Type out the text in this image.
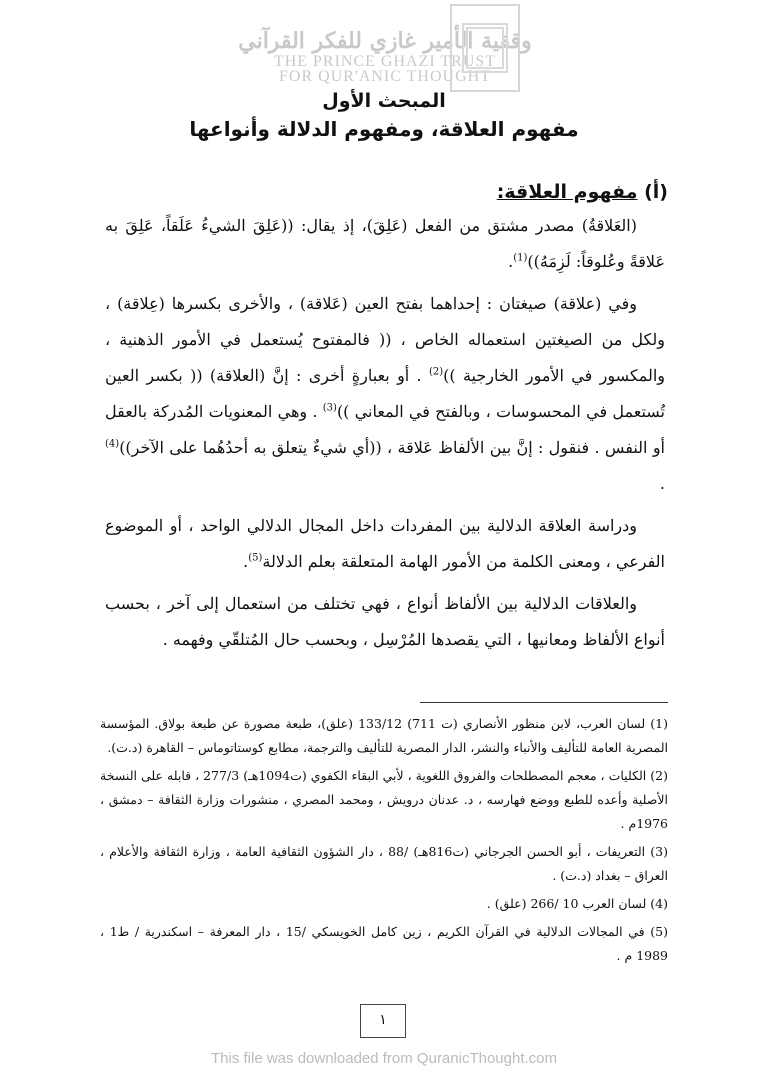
وقفية الأمير غازي للفكر القرآني
THE PRINCE GHAZI TRUST
FOR QUR'ANIC THOUGHT
المبحث الأول
مفهوم العلاقة، ومفهوم الدلالة وأنواعها
(أ) مفهوم العلاقة:

(العَلاقةُ) مصدر مشتق من الفعل (عَلِقَ)، إذ يقال: ((عَلِقَ الشيءُ عَلَقاً، عَلِقَ به عَلاقةً وعُلوقاً: لَزِمَهُ))$^{(1)}$.

وفي (علاقة) صيغتان : إحداهما بفتح العين (عَلاقة) ، والأخرى بكسرها (عِلاقة) ، ولكل من الصيغتين استعماله الخاص ، (( فالمفتوح يُستعمل في الأمور الذهنية ، والمكسور في الأمور الخارجية ))$^{(2)}$ . أو بعبارةٍ أخرى : إنَّ (العلاقة) (( بكسر العين تُستعمل في المحسوسات ، وبالفتح في المعاني ))$^{(3)}$ . وهي المعنويات المُدركة بالعقل أو النفس . فنقول : إنَّ بين الألفاظ عَلاقة ، ((أي شيءٌ يتعلق به أحدُهُما على الآخر))$^{(4)}$ .

ودراسة العلاقة الدلالية بين المفردات داخل المجال الدلالي الواحد ، أو الموضوع الفرعي ، ومعنى الكلمة من الأمور الهامة المتعلقة بعلم الدلالة$^{(5)}$.

والعلاقات الدلالية بين الألفاظ أنواع ، فهي تختلف من استعمال إلى آخر ، بحسب أنواع الألفاظ ومعانيها ، التي يقصدها المُرْسِل ، وبحسب حال المُتلقّي وفهمه .

(1) لسان العرب، لابن منظور الأنصاري (ت 711) 133/12 (علق)، طبعة مصورة عن طبعة بولاق. المؤسسة المصرية العامة للتأليف والأنباء والنشر، الدار المصرية للتأليف والترجمة، مطابع كوستاتوماس – القاهرة (د.ت).
(2) الكليات ، معجم المصطلحات والفروق اللغوية ، لأبي البقاء الكفوي (ت1094هـ) 277/3 ، قابله على النسخة الأصلية وأعده للطبع ووضع فهارسه ، د. عدنان درويش ، ومحمد المصري ، منشورات وزارة الثقافة – دمشق ، 1976م .
(3) التعريفات ، أبو الحسن الجرجاني (ت816هـ) /88 ، دار الشؤون الثقافية العامة ، وزارة الثقافة والأعلام ، العراق – بغداد (د.ت) .
(4) لسان العرب 10 /266 (علق) .
(5) في المجالات الدلالية في القرآن الكريم ، زين كامل الخويسكي /15 ، دار المعرفة – اسكندرية / ط1 ، 1989 م .
١
This file was downloaded from QuranicThought.com
